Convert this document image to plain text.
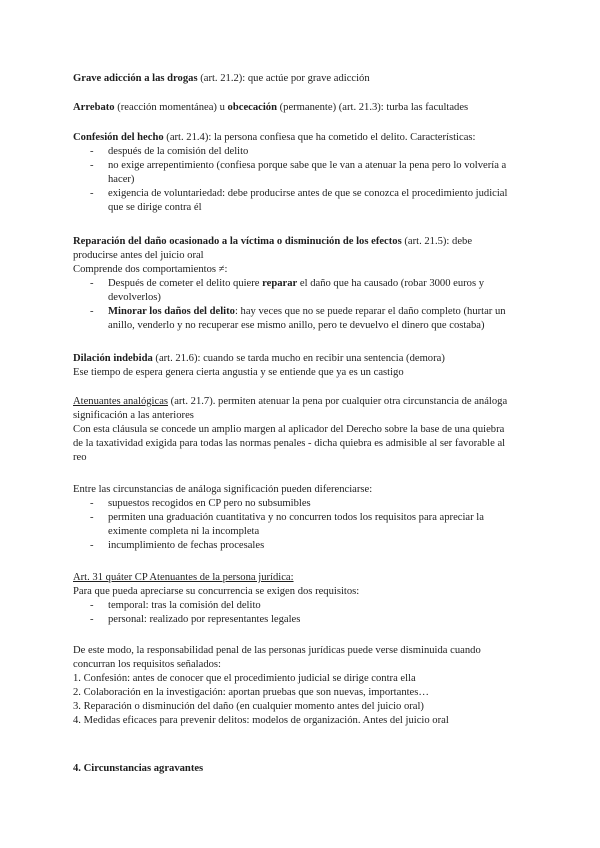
Grave adicción a las drogas (art. 21.2): que actúe por grave adicción
Arrebato (reacción momentánea) u obcecación (permanente) (art. 21.3): turba las facultades
Confesión del hecho (art. 21.4): la persona confiesa que ha cometido el delito. Características:
- después de la comisión del delito
- no exige arrepentimiento (confiesa porque sabe que le van a atenuar la pena pero lo volvería a
hacer)
- exigencia de voluntariedad: debe producirse antes de que se conozca el procedimiento judicial
que se dirige contra él
Reparación del daño ocasionado a la víctima o disminución de los efectos (art. 21.5): debe
producirse antes del juicio oral
Comprende dos comportamientos ≠:
- Después de cometer el delito quiere reparar el daño que ha causado (robar 3000 euros y
devolverlos)
- Minorar los daños del delito: hay veces que no se puede reparar el daño completo (hurtar un
anillo, venderlo y no recuperar ese mismo anillo, pero te devuelvo el dinero que costaba)
Dilación indebida (art. 21.6): cuando se tarda mucho en recibir una sentencia (demora)
Ese tiempo de espera genera cierta angustia y se entiende que ya es un castigo
Atenuantes analógicas (art. 21.7). permiten atenuar la pena por cualquier otra circunstancia de análoga
significación a las anteriores
Con esta cláusula se concede un amplio margen al aplicador del Derecho sobre la base de una quiebra
de la taxatividad exigida para todas las normas penales - dicha quiebra es admisible al ser favorable al
reo
Entre las circunstancias de análoga significación pueden diferenciarse:
- supuestos recogidos en CP pero no subsumibles
- permiten una graduación cuantitativa y no concurren todos los requisitos para apreciar la
eximente completa ni la incompleta
- incumplimiento de fechas procesales
Art. 31 quáter CP Atenuantes de la persona jurídica:
Para que pueda apreciarse su concurrencia se exigen dos requisitos:
- temporal: tras la comisión del delito
- personal: realizado por representantes legales
De este modo, la responsabilidad penal de las personas jurídicas puede verse disminuida cuando
concurran los requisitos señalados:
1. Confesión: antes de conocer que el procedimiento judicial se dirige contra ella
2. Colaboración en la investigación: aportan pruebas que son nuevas, importantes…
3. Reparación o disminución del daño (en cualquier momento antes del juicio oral)
4. Medidas eficaces para prevenir delitos: modelos de organización. Antes del juicio oral
4. Circunstancias agravantes
